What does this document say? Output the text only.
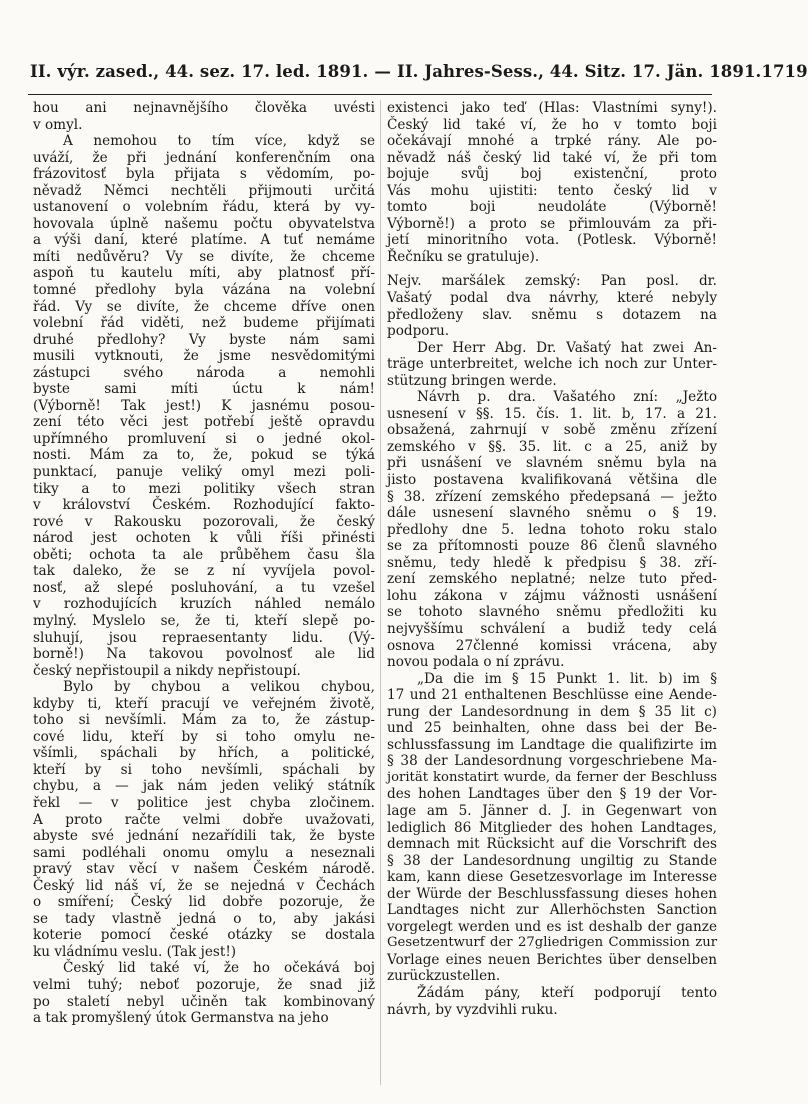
II. výr. zased., 44. sez. 17. led. 1891. — II. Jahres-Sess., 44. Sitz. 17. Jän. 1891. 1719
hou ani nejnavnějšího člověka uvésti
v omyl.
A nemohou to tím více, když se
uváží, že při jednání konferenčním ona
frázovitosť byla přijata s vědomím, po-
něvadž Němci nechtěli přijmouti určitá
ustanovení o volebním řádu, která by vy-
hovovala úplně našemu počtu obyvatelstva
a výši daní, které platíme. A tuť nemáme
míti nedůvěru? Vy se divíte, že chceme
aspoň tu kautelu míti, aby platnosť pří-
tomné předlohy byla vázána na volební
řád. Vy se divíte, že chceme dříve onen
volební řád viděti, než budeme přijímati
druhé předlohy? Vy byste nám sami
musili vytknouti, že jsme nesvědomitými
zástupci svého národa a nemohli
byste sami míti úctu k nám!
(Výborně! Tak jest!) K jasnému posou-
zení této věci jest potřebí ještě opravdu
upřímného promluvení si o jedné okol-
nosti. Mám za to, že, pokud se týká
punktací, panuje veliký omyl mezi poli-
tiky a to mezi politiky všech stran
v království Českém. Rozhodující fakto-
rové v Rakousku pozorovali, že český
národ jest ochoten k vůli říši přinésti
oběti; ochota ta ale průběhem času šla
tak daleko, že se z ní vyvíjela povol-
nosť, až slepé posluhování, a tu vzešel
v rozhodujících kruzích náhled nemálo
mylný. Myslelo se, že ti, kteří slepě po-
sluhují, jsou repraesentanty lidu. (Vý-
borně!) Na takovou povolnosť ale lid
český nepřistoupil a nikdy nepřistoupí.
Bylo by chybou a velikou chybou,
kdyby ti, kteří pracují ve veřejném životě,
toho si nevšímli. Mám za to, že zástup-
cové lidu, kteří by si toho omylu ne-
všímli, spáchali by hřích, a politické,
kteří by si toho nevšímli, spáchali by
chybu, a — jak nám jeden veliký státník
řekl — v politice jest chyba zločinem.
A proto račte velmi dobře uvažovati,
abyste své jednání nezařídili tak, že byste
sami podléhali onomu omylu a neseznali
pravý stav věcí v našem Českém národě.
Český lid náš ví, že se nejedná v Čechách
o smíření; Český lid dobře pozoruje, že
se tady vlastně jedná o to, aby jakási
koterie pomocí české otázky se dostala
ku vládnímu veslu. (Tak jest!)
Český lid také ví, že ho očekává boj
velmi tuhý; neboť pozoruje, že snad již
po staletí nebyl učiněn tak kombinovaný
a tak promyšlený útok Germanstva na jeho
existenci jako teď (Hlas: Vlastními syny!).
Český lid také ví, že ho v tomto boji
očekávají mnohé a trpké rány. Ale po-
něvadž náš český lid také ví, že při tom
bojuje svůj boj existenční, proto
Vás mohu ujistiti: tento český lid v
tomto boji neudoláte (Výborně!
Výborně!) a proto se přimlouvám za při-
jetí minoritního vota. (Potlesk. Výborně!
Řečníku se gratuluje).
Nejv. maršálek zemský: Pan posl. dr.
Vašatý podal dva návrhy, které nebyly
předloženy slav. sněmu s dotazem na
podporu.
Der Herr Abg. Dr. Vašatý hat zwei An-
träge unterbreitet, welche ich noch zur Unter-
stützung bringen werde.
Návrh p. dra. Vašatého zní: „Ježto
usnesení v §§. 15. čís. 1. lit. b, 17. a 21.
obsažená, zahrnují v sobě změnu zřízení
zemského v §§. 35. lit. c a 25, aniž by
při usnášení ve slavném sněmu byla na
jisto postavena kvalifikovaná většina dle
§ 38. zřízení zemského předepsaná — ježto
dále usnesení slavného sněmu o § 19.
předlohy dne 5. ledna tohoto roku stalo
se za přítomnosti pouze 86 členů slavného
sněmu, tedy hledě k předpisu § 38. zří-
zení zemského neplatné; nelze tuto před-
lohu zákona v zájmu vážnosti usnášení
se tohoto slavného sněmu předložiti ku
nejvyššímu schválení a budiž tedy celá
osnova 27členné komissi vrácena, aby
novou podala o ní zprávu.
„Da die im § 15 Punkt 1. lit. b) im §
17 und 21 enthaltenen Beschlüsse eine Aende-
rung der Landesordnung in dem § 35 lit c)
und 25 beinhalten, ohne dass bei der Be-
schlussfassung im Landtage die qualifizirte im
§ 38 der Landesordnung vorgeschriebene Ma-
jorität konstatirt wurde, da ferner der Beschluss
des hohen Landtages über den § 19 der Vor-
lage am 5. Jänner d. J. in Gegenwart von
lediglich 86 Mitglieder des hohen Landtages,
demnach mit Rücksicht auf die Vorschrift des
§ 38 der Landesordnung ungiltig zu Stande
kam, kann diese Gesetzesvorlage im Interesse
der Würde der Beschlussfassung dieses hohen
Landtages nicht zur Allerhöchsten Sanction
vorgelegt werden und es ist deshalb der ganze
Gesetzentwurf der 27gliedrigen Commission zur
Vorlage eines neuen Berichtes über denselben
zurückzustellen.
Žádám pány, kteří podporují tento
návrh, by vyzdvihli ruku.
